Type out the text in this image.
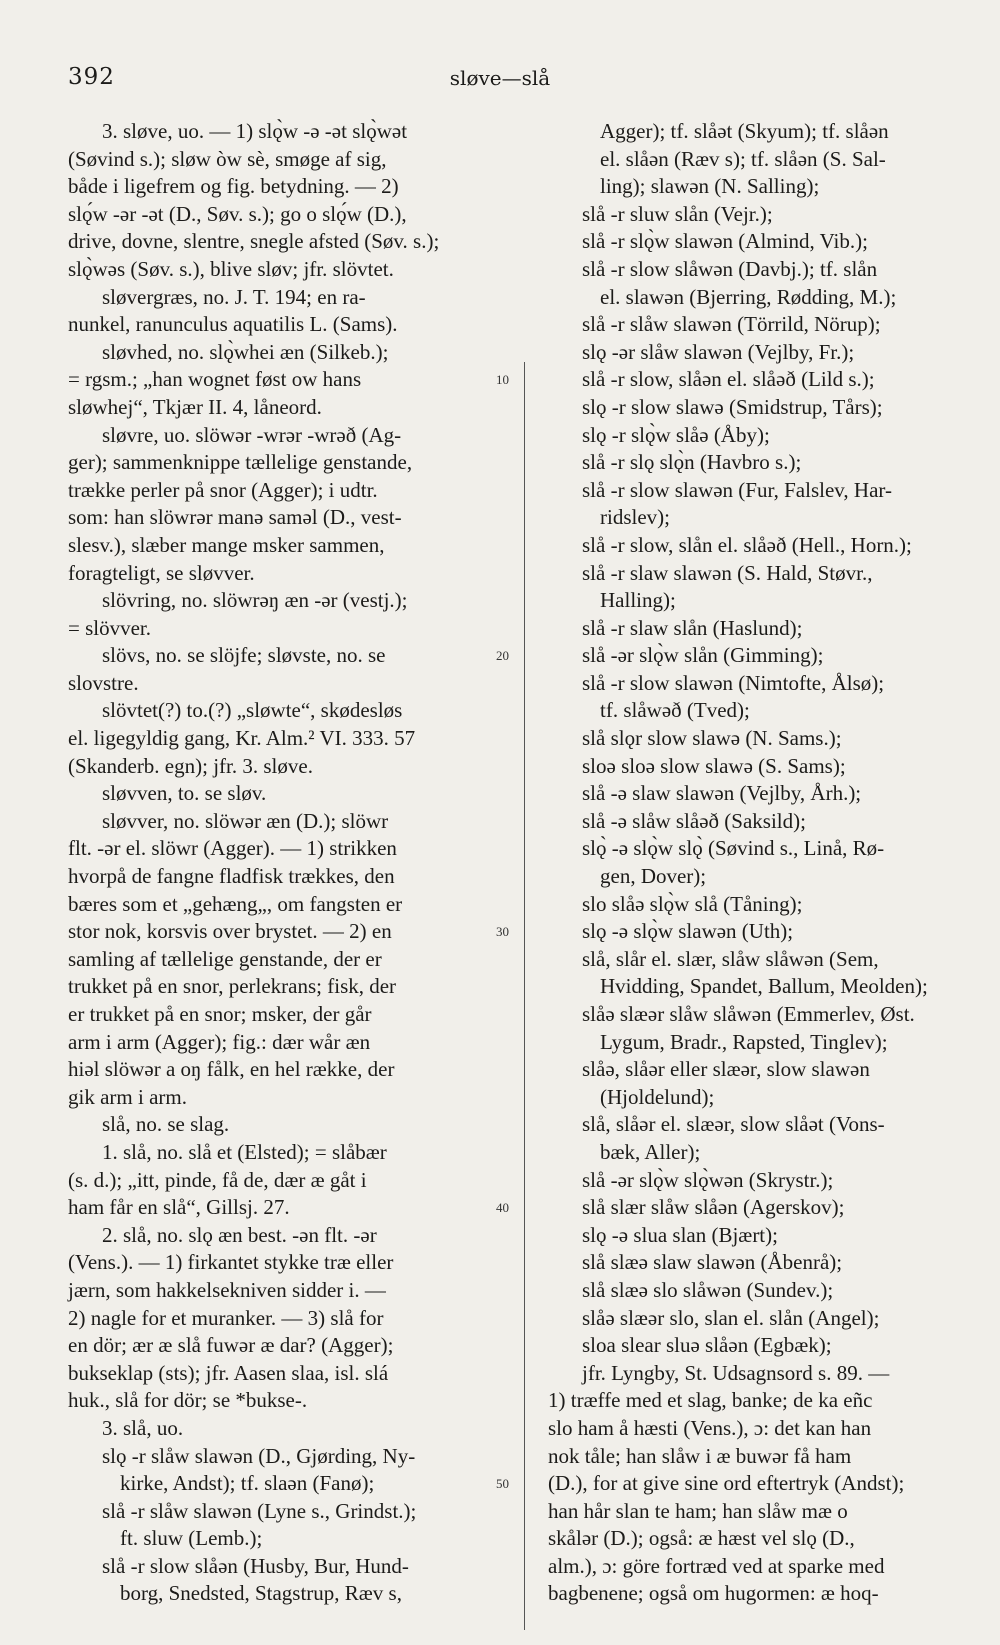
392	sløve—slå
3. sløve, uo. — 1) slǫ̀w -ə -ət slǫ̀wət
(Søvind s.); sløw òw sè, smøge af sig,
både i ligefrem og fig. betydning. — 2)
slǫ́w -ər -ət (D., Søv. s.); go o slǫ́w (D.),
drive, dovne, slentre, snegle afsted (Søv. s.);
slǫ̀wəs (Søv. s.), blive sløv; jfr. slövtet.
sløvergræs, no. J. T. 194; en ra-
nunkel, ranunculus aquatilis L. (Sams).
sløvhed, no. slǫ̀whei æn (Silkeb.);
= rgsm.; „han wognet føst ow hans
sløwhej“, Tkjær II. 4, låneord.
sløvre, uo. slöwər -wrər -wrəð (Ag-
ger); sammenknippe tællelige genstande,
trække perler på snor (Agger); i udtr.
som: han slöwrər manə saməl (D., vest-
slesv.), slæber mange msker sammen,
foragteligt, se sløvver.
slövring, no. slöwrəŋ æn -ər (vestj.);
= slövver.
slövs, no. se slöjfe; sløvste, no. se
slovstre.
slövtet(?) to.(?) „sløwte“, skødesløs
el. ligegyldig gang, Kr. Alm.² VI. 333. 57
(Skanderb. egn); jfr. 3. sløve.
sløvven, to. se sløv.
sløvver, no. slöwər æn (D.); slöwr
flt. -ər el. slöwr (Agger). — 1) strikken
hvorpå de fangne fladfisk trækkes, den
bæres som et „gehæng„, om fangsten er
stor nok, korsvis over brystet. — 2) en
samling af tællelige genstande, der er
trukket på en snor, perlekrans; fisk, der
er trukket på en snor; msker, der går
arm i arm (Agger); fig.: dær wår æn
hiəl slöwər a oŋ fålk, en hel række, der
gik arm i arm.
slå, no. se slag.
1. slå, no. slå et (Elsted); = slåbær
(s. d.); „itt, pinde, få de, dær æ gåt i
ham får en slå“, Gillsj. 27.
2. slå, no. slǫ æn best. -ən flt. -ər
(Vens.). — 1) firkantet stykke træ eller
jærn, som hakkelsekniven sidder i. —
2) nagle for et muranker. — 3) slå for
en dör; ær æ slå fuwər æ dar? (Agger);
bukseklap (sts); jfr. Aasen slaa, isl. slá
huk., slå for dör; se *bukse-.
3. slå, uo.
slǫ -r slåw slawən (D., Gjørding, Ny-
kirke, Andst); tf. slaən (Fanø);
slå -r slåw slawən (Lyne s., Grindst.);
ft. sluw (Lemb.);
slå -r slow slåən (Husby, Bur, Hund-
borg, Snedsted, Stagstrup, Ræv s,
Agger); tf. slåət (Skyum); tf. slåən
el. slåən (Ræv s); tf. slåən (S. Sal-
ling); slawən (N. Salling);
slå -r sluw slån (Vejr.);
slå -r slǫ̀w slawən (Almind, Vib.);
slå -r slow slåwən (Davbj.); tf. slån
el. slawən (Bjerring, Rødding, M.);
slå -r slåw slawən (Törrild, Nörup);
slǫ -ər slåw slawən (Vejlby, Fr.);
slå -r slow, slåən el. slåəð (Lild s.);
slǫ -r slow slawə (Smidstrup, Tårs);
slǫ -r slǫ̀w slåə (Åby);
slå -r slǫ slǫ̀n (Havbro s.);
slå -r slow slawən (Fur, Falslev, Har-
ridslev);
slå -r slow, slån el. slåəð (Hell., Horn.);
slå -r slaw slawən (S. Hald, Støvr.,
Halling);
slå -r slaw slån (Haslund);
slå -ər slǫ̀w slån (Gimming);
slå -r slow slawən (Nimtofte, Ålsø);
tf. slåwəð (Tved);
slå slǫr slow slawə (N. Sams.);
sloə sloə slow slawə (S. Sams);
slå -ə slaw slawən (Vejlby, Årh.);
slå -ə slåw slåəð (Saksild);
slǫ̀ -ə slǫ̀w slǫ̀ (Søvind s., Linå, Rø-
gen, Dover);
slo slåə slǫ̀w slå (Tåning);
slǫ -ə slǫ̀w slawən (Uth);
slå, slår el. slær, slåw slåwən (Sem,
Hvidding, Spandet, Ballum, Meolden);
slåə slæər slåw slåwən (Emmerlev, Øst.
Lygum, Bradr., Rapsted, Tinglev);
slåə, slåər eller slæər, slow slawən
(Hjoldelund);
slå, slåər el. slæər, slow slåət (Vons-
bæk, Aller);
slå -ər slǫ̀w slǫ̀wən (Skrystr.);
slå slær slåw slåən (Agerskov);
slǫ -ə slua slan (Bjært);
slå slæə slaw slawən (Åbenrå);
slå slæə slo slåwən (Sundev.);
slåə slæər slo, slan el. slån (Angel);
sloa slear sluə slåən (Egbæk);
jfr. Lyngby, St. Udsagnsord s. 89. —
1) træffe med et slag, banke; de ka eñc
slo ham å hæsti (Vens.), ɔ: det kan han
nok tåle; han slåw i æ buwər få ham
(D.), for at give sine ord eftertryk (Andst);
han hår slan te ham; han slåw mæ o
skålər (D.); også: æ hæst vel slǫ (D.,
alm.), ɔ: göre fortræd ved at sparke med
bagbenene; også om hugormen: æ hoq-
10
20
30
40
50
